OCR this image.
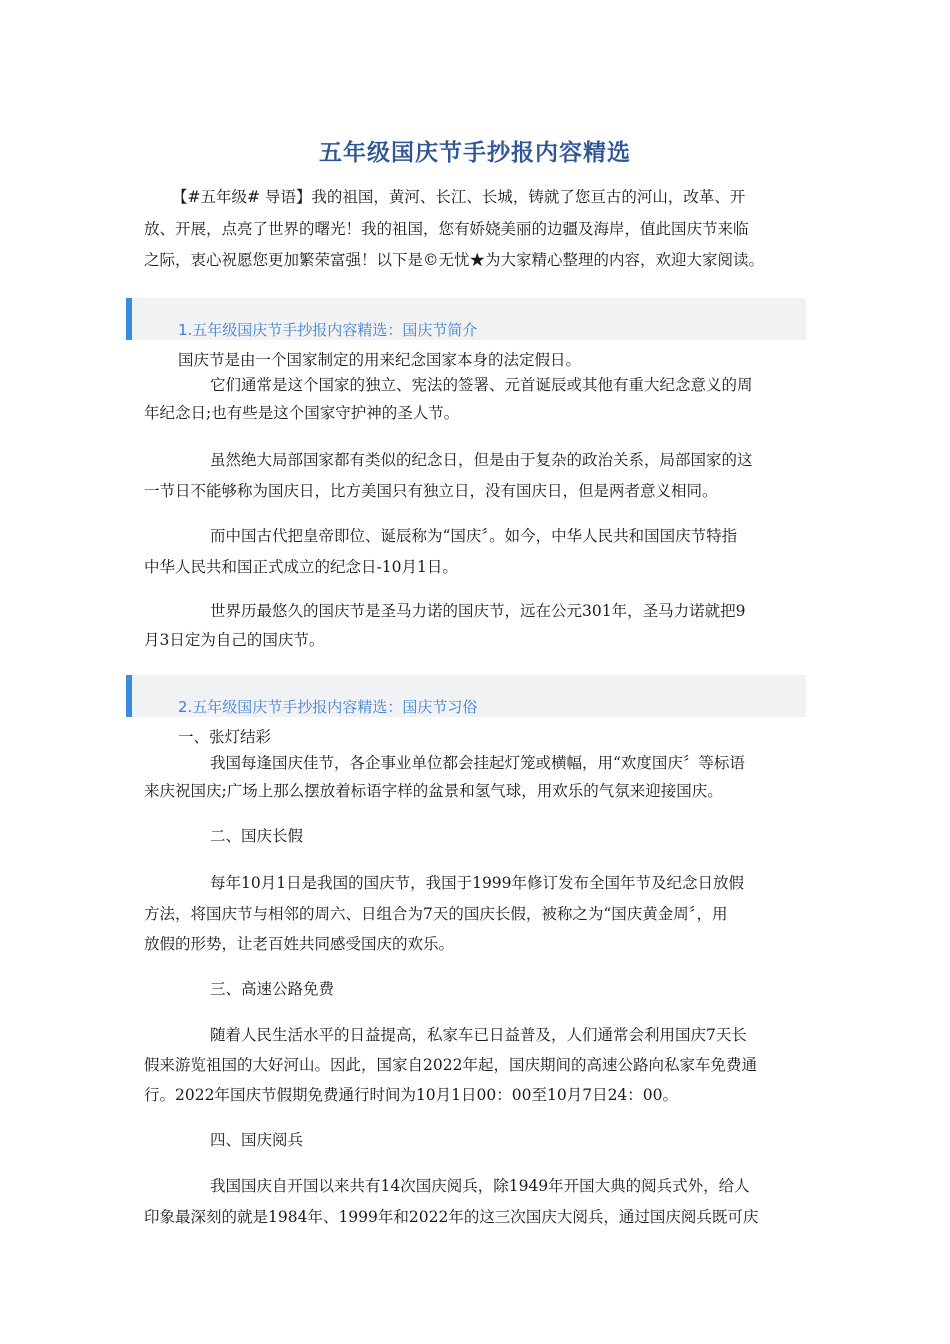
五年级国庆节手抄报内容精选
【#五年级# 导语】我的祖国，黄河、长江、长城，铸就了您亘古的河山，改革、开
放、开展，点亮了世界的曙光！我的祖国，您有娇娆美丽的边疆及海岸，值此国庆节来临
之际，衷心祝愿您更加繁荣富强！以下是©无忧★为大家精心整理的内容，欢迎大家阅读。
1.五年级国庆节手抄报内容精选：国庆节简介
国庆节是由一个国家制定的用来纪念国家本身的法定假日。
它们通常是这个国家的独立、宪法的签署、元首诞辰或其他有重大纪念意义的周
年纪念日;也有些是这个国家守护神的圣人节。
虽然绝大局部国家都有类似的纪念日，但是由于复杂的政治关系，局部国家的这
一节日不能够称为国庆日，比方美国只有独立日，没有国庆日，但是两者意义相同。
而中国古代把皇帝即位、诞辰称为“国庆〞。如今，中华人民共和国国庆节特指
中华人民共和国正式成立的纪念日-10月1日。
世界历最悠久的国庆节是圣马力诺的国庆节，远在公元301年，圣马力诺就把9
月3日定为自己的国庆节。
2.五年级国庆节手抄报内容精选：国庆节习俗
一、张灯结彩
我国每逢国庆佳节，各企事业单位都会挂起灯笼或横幅，用“欢度国庆〞等标语
来庆祝国庆;广场上那么摆放着标语字样的盆景和氢气球，用欢乐的气氛来迎接国庆。
二、国庆长假
每年10月1日是我国的国庆节，我国于1999年修订发布全国年节及纪念日放假
方法，将国庆节与相邻的周六、日组合为7天的国庆长假，被称之为“国庆黄金周〞，用
放假的形势，让老百姓共同感受国庆的欢乐。
三、高速公路免费
随着人民生活水平的日益提高，私家车已日益普及，人们通常会利用国庆7天长
假来游览祖国的大好河山。因此，国家自2022年起，国庆期间的高速公路向私家车免费通
行。2022年国庆节假期免费通行时间为10月1日00：00至10月7日24：00。
四、国庆阅兵
我国国庆自开国以来共有14次国庆阅兵，除1949年开国大典的阅兵式外，给人
印象最深刻的就是1984年、1999年和2022年的这三次国庆大阅兵，通过国庆阅兵既可庆
